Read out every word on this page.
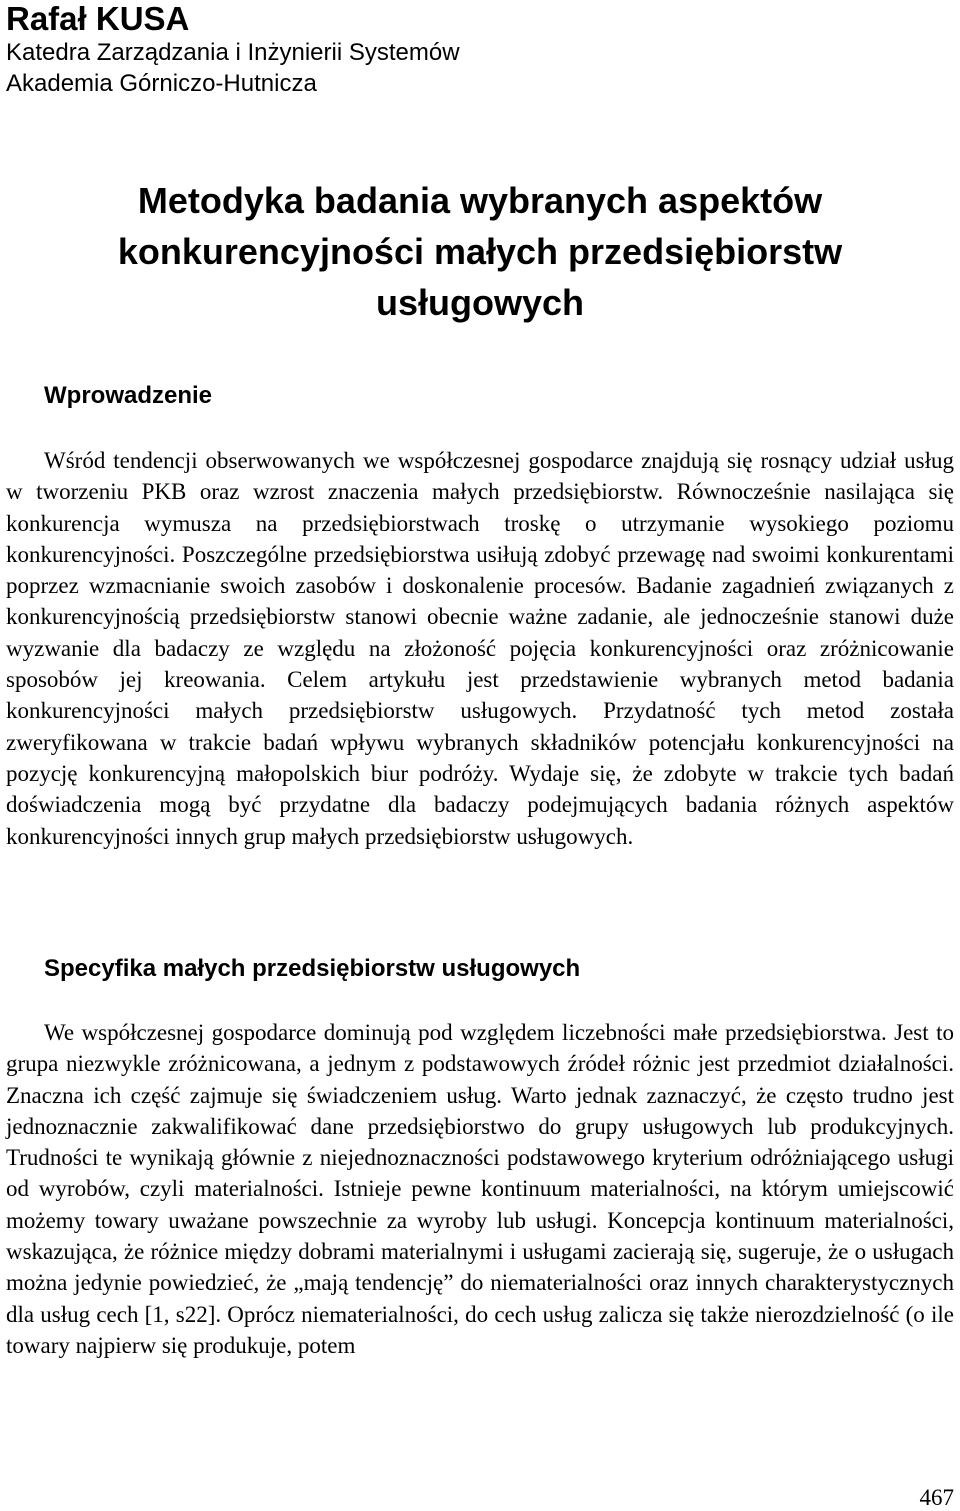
Rafał KUSA

Katedra Zarządzania i Inżynierii Systemów

Akademia Górniczo-Hutnicza

Metodyka badania wybranych aspektów
konkurencyjności małych przedsiębiorstw
usługowych
Wprowadzenie

Wśród tendencji obserwowanych we współczesnej gospodarce znajdują się rosnący udział usług w tworzeniu PKB oraz wzrost znaczenia małych przedsiębiorstw. Równocześnie nasilająca się konkurencja wymusza na przedsiębiorstwach troskę o utrzymanie wysokiego poziomu konkurencyjności. Poszczególne przedsiębiorstwa usiłują zdobyć przewagę nad swoimi konkurentami poprzez wzmacnianie swoich zasobów i doskonalenie procesów. Badanie zagadnień związanych z konkurencyjnością przedsiębiorstw stanowi obecnie ważne zadanie, ale jednocześnie stanowi duże wyzwanie dla badaczy ze względu na złożoność pojęcia konkurencyjności oraz zróżnicowanie sposobów jej kreowania. Celem artykułu jest przedstawienie wybranych metod badania konkurencyjności małych przedsiębiorstw usługowych. Przydatność tych metod została zweryfikowana w trakcie badań wpływu wybranych składników potencjału konkurencyjności na pozycję konkurencyjną małopolskich biur podróży. Wydaje się, że zdobyte w trakcie tych badań doświadczenia mogą być przydatne dla badaczy podejmujących badania różnych aspektów konkurencyjności innych grup małych przedsiębiorstw usługowych.

Specyfika małych przedsiębiorstw usługowych

We współczesnej gospodarce dominują pod względem liczebności małe przedsiębiorstwa. Jest to grupa niezwykle zróżnicowana, a jednym z podstawowych źródeł różnic jest przedmiot działalności. Znaczna ich część zajmuje się świadczeniem usług. Warto jednak zaznaczyć, że często trudno jest jednoznacznie zakwalifikować dane przedsiębiorstwo do grupy usługowych lub produkcyjnych. Trudności te wynikają głównie z niejednoznaczności podstawowego kryterium odróżniającego usługi od wyrobów, czyli materialności. Istnieje pewne kontinuum materialności, na którym umiejscowić możemy towary uważane powszechnie za wyroby lub usługi. Koncepcja kontinuum materialności, wskazująca, że różnice między dobrami materialnymi i usługami zacierają się, sugeruje, że o usługach można jedynie powiedzieć, że „mają tendencję” do niematerialności oraz innych charakterystycznych dla usług cech [1, s22]. Oprócz niematerialności, do cech usług zalicza się także nierozdzielność (o ile towary najpierw się produkuje, potem

467
